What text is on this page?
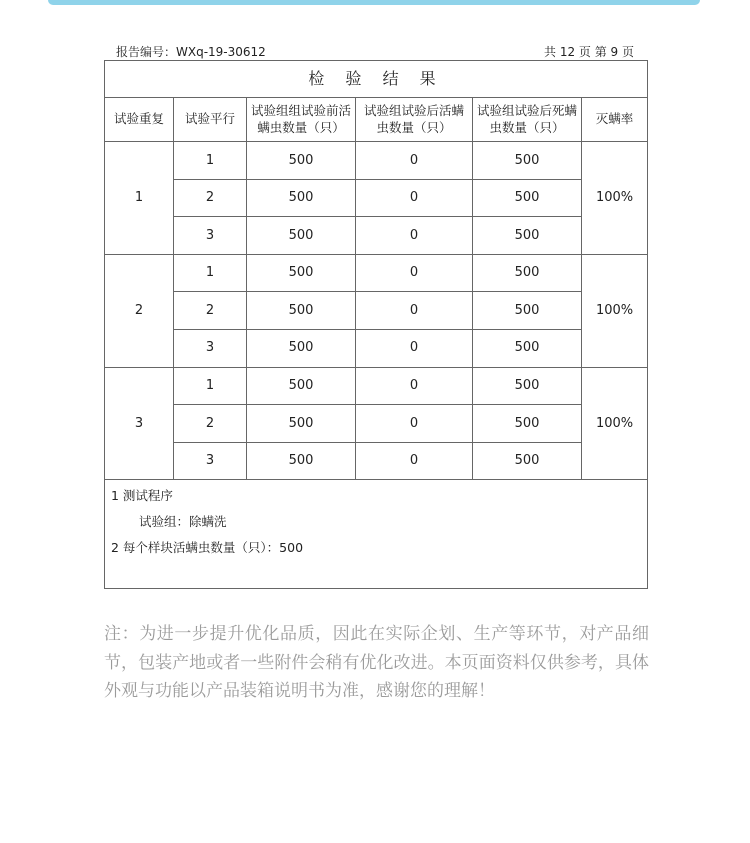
报告编号：WXq-19-30612	共 12 页 第 9 页
检 验 结 果					

试验重复	试验平行	试验组组试验前活螨虫数量（只）	试验组试验后活螨虫数量（只）	试验组试验后死螨虫数量（只）	灭螨率

1	1	500	0	500	100%
	2	500	0	500	
	3	500	0	500	
2	1	500	0	500	100%
	2	500	0	500	
	3	500	0	500	
3	1	500	0	500	100%
	2	500	0	500	
	3	500	0	500	

1 测试程序
试验组：除螨洗
2 每个样块活螨虫数量（只）：500					
注：为进一步提升优化品质，因此在实际企划、生产等环节，对产品细节，包装产地或者一些附件会稍有优化改进。本页面资料仅供参考，具体外观与功能以产品装箱说明书为准，感谢您的理解！
